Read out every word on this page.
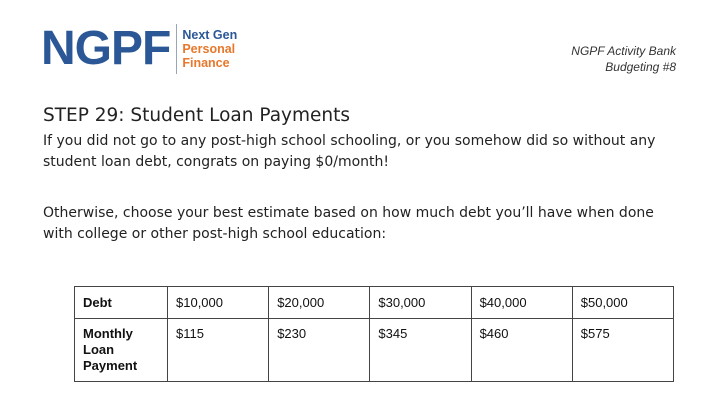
NGPF Next Gen
Personal
Finance
NGPF Activity Bank
Budgeting #8
STEP 29: Student Loan Payments
If you did not go to any post-high school schooling, or you somehow did so without any student loan debt, congrats on paying $0/month!
Otherwise, choose your best estimate based on how much debt you’ll have when done with college or other post-high school education:
Debt	$10,000	$20,000	$30,000	$40,000	$50,000

Monthly
Loan
Payment	$115	$230	$345	$460	$575
